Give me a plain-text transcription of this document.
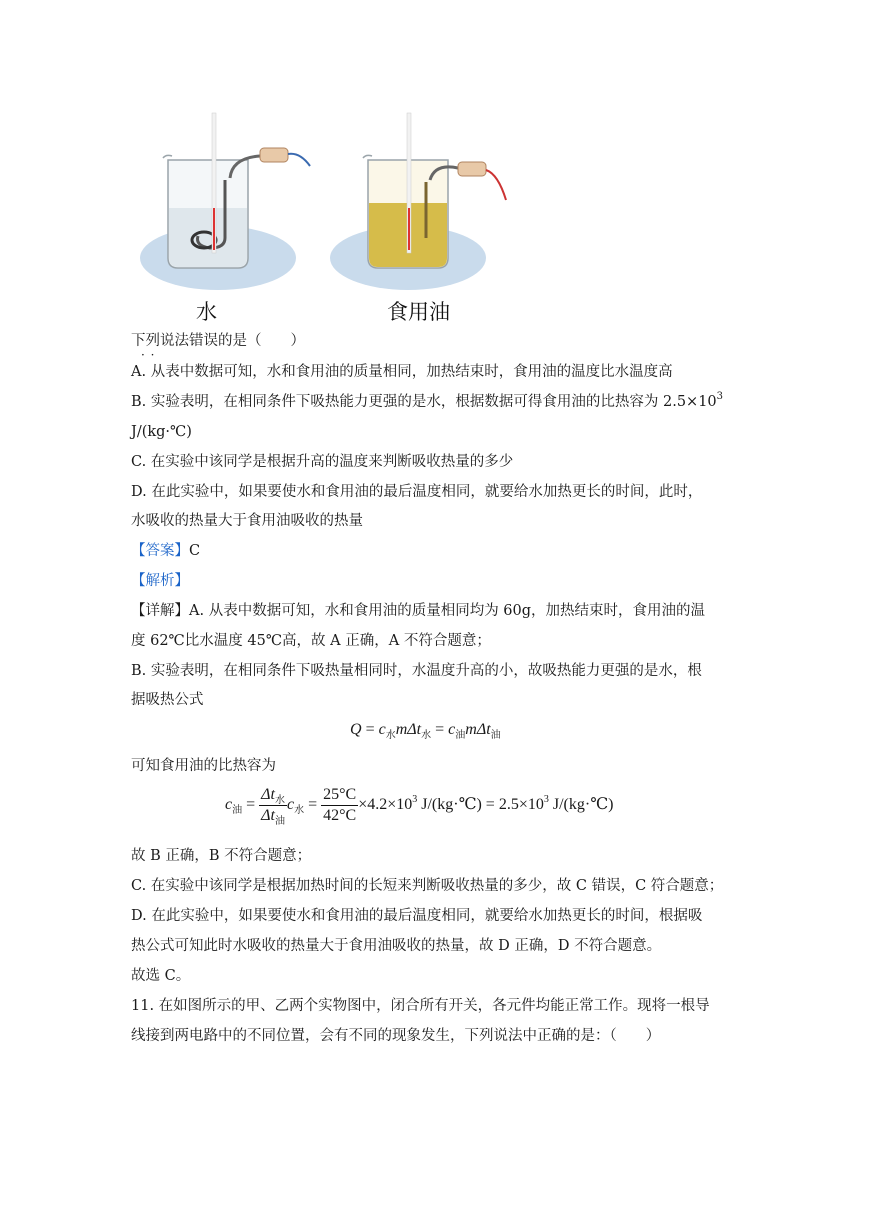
水	食用油
下列说法错误的是（　　） · ·
A. 从表中数据可知，水和食用油的质量相同，加热结束时，食用油的温度比水温度高
B. 实验表明，在相同条件下吸热能力更强的是水，根据数据可得食用油的比热容为 $2.5\times 10^3$
J/(kg·℃)
C. 在实验中该同学是根据升高的温度来判断吸收热量的多少
D. 在此实验中，如果要使水和食用油的最后温度相同，就要给水加热更长的时间，此时，
水吸收的热量大于食用油吸收的热量
【答案】C
【解析】
【详解】A. 从表中数据可知，水和食用油的质量相同均为 60g，加热结束时，食用油的温
度 62℃比水温度 45℃高，故 A 正确，A 不符合题意；
B. 实验表明，在相同条件下吸热量相同时，水温度升高的小，故吸热能力更强的是水，根
据吸热公式
$Q = c_水m\Delta t_水 = c_油m\Delta t_油$
可知食用油的比热容为
$c_油 = \frac{\Delta t_水}{\Delta t_油} c_水 = \frac{25^\circ C}{42^\circ C} \times 4.2\times 10^3$ J/(kg·℃) = $2.5\times 10^3$ J/(kg·℃)
故 B 正确，B 不符合题意；
C. 在实验中该同学是根据加热时间的长短来判断吸收热量的多少，故 C 错误，C 符合题意；
D. 在此实验中，如果要使水和食用油的最后温度相同，就要给水加热更长的时间，根据吸
热公式可知此时水吸收的热量大于食用油吸收的热量，故 D 正确，D 不符合题意。
故选 C。
11. 在如图所示的甲、乙两个实物图中，闭合所有开关，各元件均能正常工作。现将一根导
线接到两电路中的不同位置，会有不同的现象发生，下列说法中正确的是：（　　）
